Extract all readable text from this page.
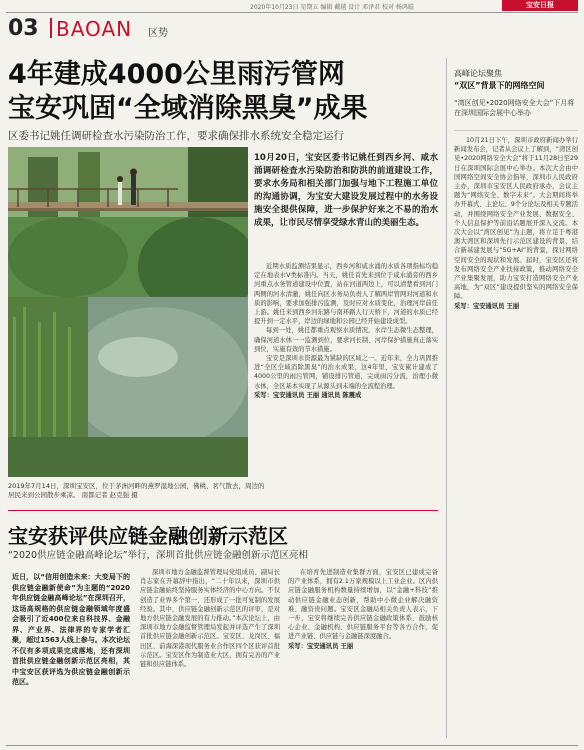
2020年10月23日 星期五 编辑 戴越 设计 邓泽君 校对 杨鸿聪	宝安日报
03 BAOAN 区势
4年建成4000公里雨污管网
宝安巩固“全域消除黑臭”成果
区委书记姚任调研检查水污染防治工作，要求确保排水系统安全稳定运行
2019年7月14日，深圳宝安区，位于茅洲河畔的燕罗湿地公园，佛桃、茗气散去，周边的居民来到公园散步乘凉。 南都记者 赵克强 摄
10月20日，宝安区委书记姚任到西乡河、咸水涌调研检查水污染防治和防洪的前道建设工作，要求水务局和相关部门加强与地下工程施工单位的沟通协调，为宝安大建设发展过程中的水务设施安全提供保障，进一步保护好来之不易的治水成果，让市民尽情享受绿水青山的美丽生态。

近期水质监测结果显示，西乡河和咸水涌的水质各项指标均稳定在地表水V类标准内。当天，姚任首先来到位于咸水涌旁的西乡河重点水务管道建设中位置，站在河道两边上，可以清楚看到河门两侧的河水清澈，姚任向区水务局负责人了解两岸管网对河道和水质的影响，要求加强排污监测，及时应对水质变化，治理河岸前任上游。姚任来到西乡河东路与南环路人行天桥下，河道的水质已经提升到一定水平，岸边的绿地和公园已经开始建设成型。

每到一处，姚任都重点观察水质情况，水岸生态微生态整理，确保河道水体一一监测到位，要求河长制、河岸保护措施真正落实到位，实施有效的节水措施。

宝安是深圳水资源最为紧缺的区域之一。近年来，全力巩固推进“全区全域消除黑臭”的治水成果，这4年里，宝安累计建成了4000公里的雨污管网，铺设排污管道，完成雨污分流，治理小微水体，全区基本实现了从源头到末端的全流程治理。

采写：宝安通讯员 王丽 通讯员 陈震成

宝安获评供应链金融创新示范区
“2020供应链金融高峰论坛”举行，深圳首批供应链金融创新示范区亮相
近日，以“信用创造未来：大变局下的供应链金融新使命”为主题的“2020年供应链金融高峰论坛”在深圳召开，这场高规格的供应链金融领域年度盛会吸引了近400位来自科技界、金融界、产业界、法律界的专家学者汇聚，超过1563人线上参与。本次论坛不仅有多项成果完成落地，还有深圳首批供应链金融创新示范区亮相，其中宝安区获评选为供应链金融创新示范区。

深圳市地方金融监督管理局党组成员、副局长肖志家在开幕辞中指出，“二十年以来，深圳市供应链金融始终坚持服务实体经济的中心方向。不仅创造了业界多个第一，还形成了一批可复制的发展经验。其中，供应链金融创新示范区的评审，是对地方供应链金融发展的有力推动。”本次论坛上，由深圳市地方金融监督管理局发起并评选产生了深圳首批供应链金融创新示范区。宝安区、龙岗区、福田区、前海深港现代服务业合作区四个区获评首批示范区。宝安区作为制造业大区，拥有完善的产业链和供应链体系。

在培育先进制造业集群方面，宝安区已建成完备的产业体系，拥有2.1万家规模以上工业企业。区内供应链金融服务机构数量持续增加，以“金融+科技”推动供应链金融业态创新，帮助中小微企业解决融资难、融资贵问题。宝安区金融局相关负责人表示，下一步，宝安将继续完善供应链金融政策体系，鼓励核心企业、金融机构、供应链服务平台等各方合作，促进产业链、供应链与金融链深度融合。

采写：宝安通讯员 王丽

高峰论坛聚焦
“双区”背景下的网络空间
“湾区创见•2020网络安全大会”下月将在深圳国际会展中心举办

10月21日下午，深圳市政府新闻办举行新闻发布会，记者从会议上了解到，“湾区创见•2020网络安全大会”将于11月28日至29日在深圳国际会展中心举办。本次大会由中国网络空间安全协会指导，深圳市人民政府主办，深圳市宝安区人民政府承办，会议主题为“网络安全、数字未来”。大会期间将举办开幕式、主论坛、9个分论坛及相关专题活动，并围绕网络安全产业发展、数据安全、个人信息保护等前沿话题展开深入交流。本次大会以“湾区创见”为主题，将立足于粤港澳大湾区和深圳先行示范区建设的背景，结合新基建发展与“5G+AI”的背景，探讨网络空间安全的现状和发展。届时，宝安区还将发布网络安全产业扶持政策，推动网络安全产业集聚发展，助力宝安打造网络安全产业高地，为“双区”建设提供坚实的网络安全保障。

采写：宝安通讯员 王丽
